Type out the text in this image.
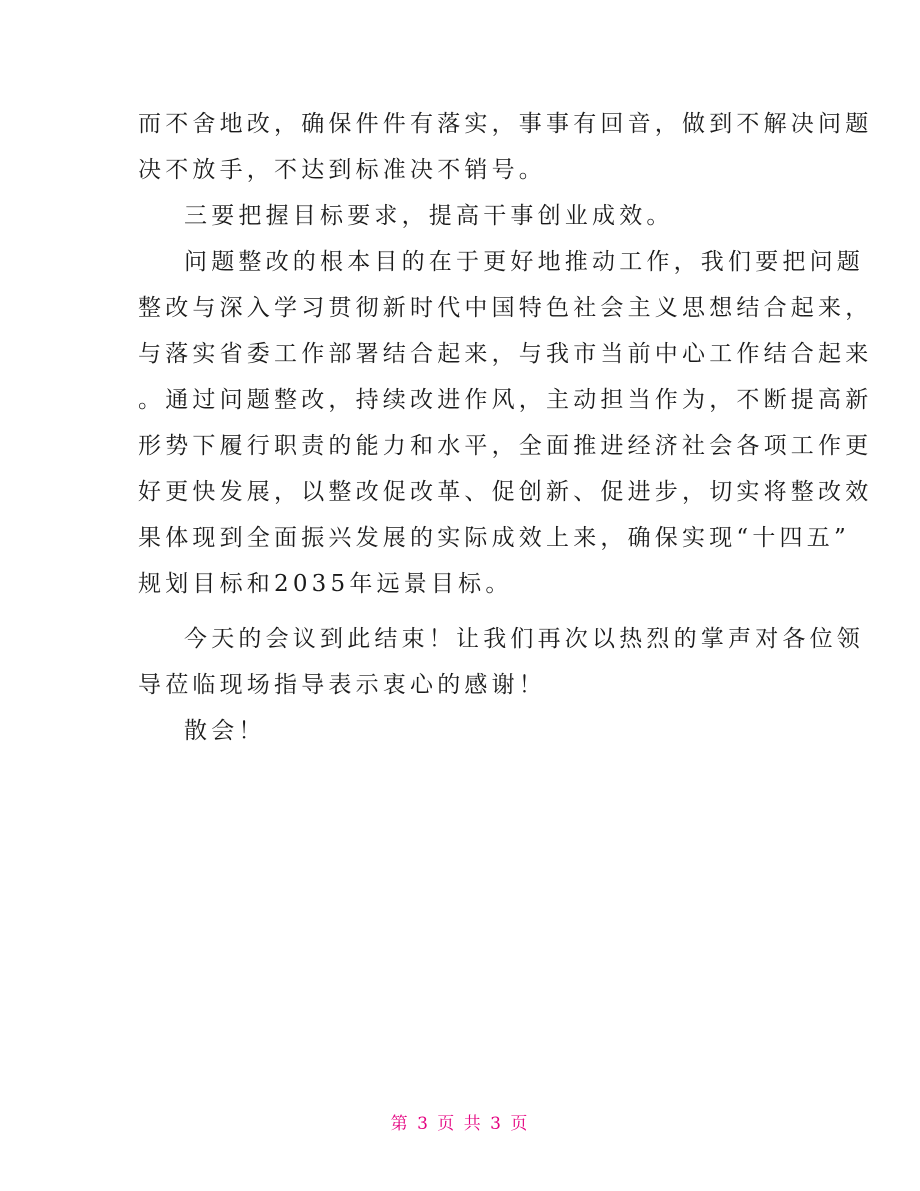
而不舍地改，确保件件有落实，事事有回音，做到不解决问题
决不放手，不达到标准决不销号。
三要把握目标要求，提高干事创业成效。
问题整改的根本目的在于更好地推动工作，我们要把问题
整改与深入学习贯彻新时代中国特色社会主义思想结合起来，
与落实省委工作部署结合起来，与我市当前中心工作结合起来
。通过问题整改，持续改进作风，主动担当作为，不断提高新
形势下履行职责的能力和水平，全面推进经济社会各项工作更
好更快发展，以整改促改革、促创新、促进步，切实将整改效
果体现到全面振兴发展的实际成效上来，确保实现“十四五”
规划目标和2035年远景目标。
今天的会议到此结束！让我们再次以热烈的掌声对各位领
导莅临现场指导表示衷心的感谢！
散会！
第 3 页 共 3 页
